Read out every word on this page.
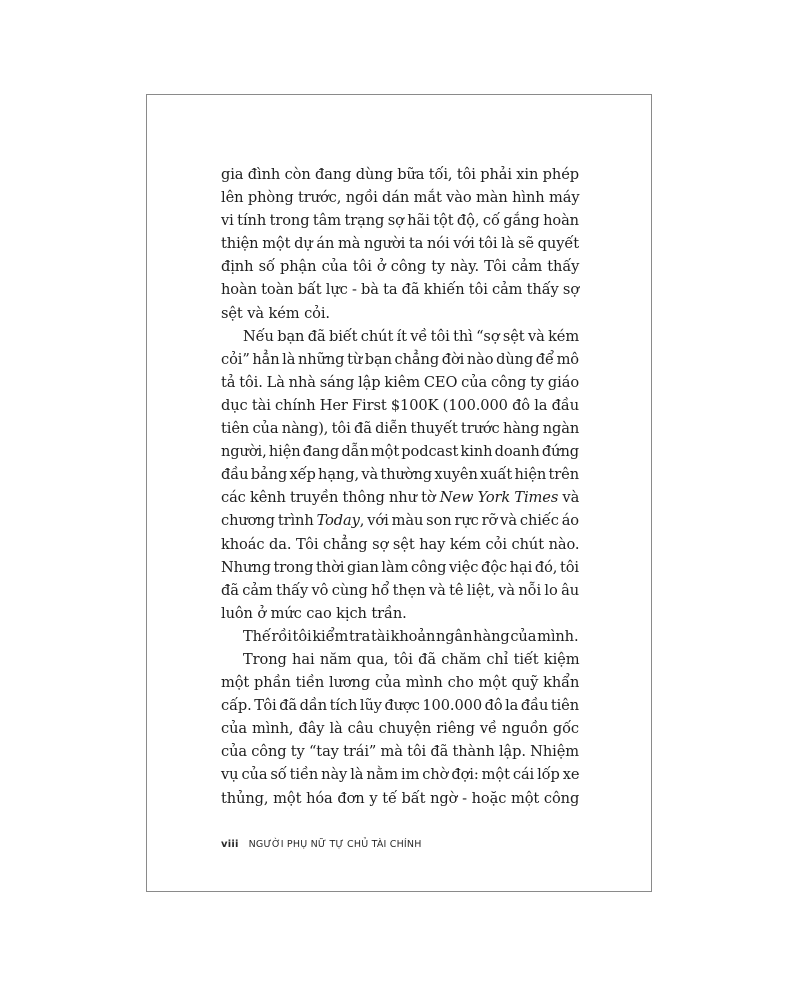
gia đình còn đang dùng bữa tối, tôi phải xin phép
lên phòng trước, ngồi dán mắt vào màn hình máy
vi tính trong tâm trạng sợ hãi tột độ, cố gắng hoàn
thiện một dự án mà người ta nói với tôi là sẽ quyết
định số phận của tôi ở công ty này. Tôi cảm thấy
hoàn toàn bất lực - bà ta đã khiến tôi cảm thấy sợ
sệt và kém cỏi.
Nếu bạn đã biết chút ít về tôi thì “sợ sệt và kém
cỏi” hẳn là những từ bạn chẳng đời nào dùng để mô
tả tôi. Là nhà sáng lập kiêm CEO của công ty giáo
dục tài chính Her First $100K (100.000 đô la đầu
tiên của nàng), tôi đã diễn thuyết trước hàng ngàn
người, hiện đang dẫn một podcast kinh doanh đứng
đầu bảng xếp hạng, và thường xuyên xuất hiện trên
các kênh truyền thông như tờ New York Times và
chương trình Today, với màu son rực rỡ và chiếc áo
khoác da. Tôi chẳng sợ sệt hay kém cỏi chút nào.
Nhưng trong thời gian làm công việc độc hại đó, tôi
đã cảm thấy vô cùng hổ thẹn và tê liệt, và nỗi lo âu
luôn ở mức cao kịch trần.
Thế rồi tôi kiểm tra tài khoản ngân hàng của mình.
Trong hai năm qua, tôi đã chăm chỉ tiết kiệm
một phần tiền lương của mình cho một quỹ khẩn
cấp. Tôi đã dần tích lũy được 100.000 đô la đầu tiên
của mình, đây là câu chuyện riêng về nguồn gốc
của công ty “tay trái” mà tôi đã thành lập. Nhiệm
vụ của số tiền này là nằm im chờ đợi: một cái lốp xe
thủng, một hóa đơn y tế bất ngờ - hoặc một công
viii NGƯỜI PHỤ NỮ TỰ CHỦ TÀI CHÍNH
